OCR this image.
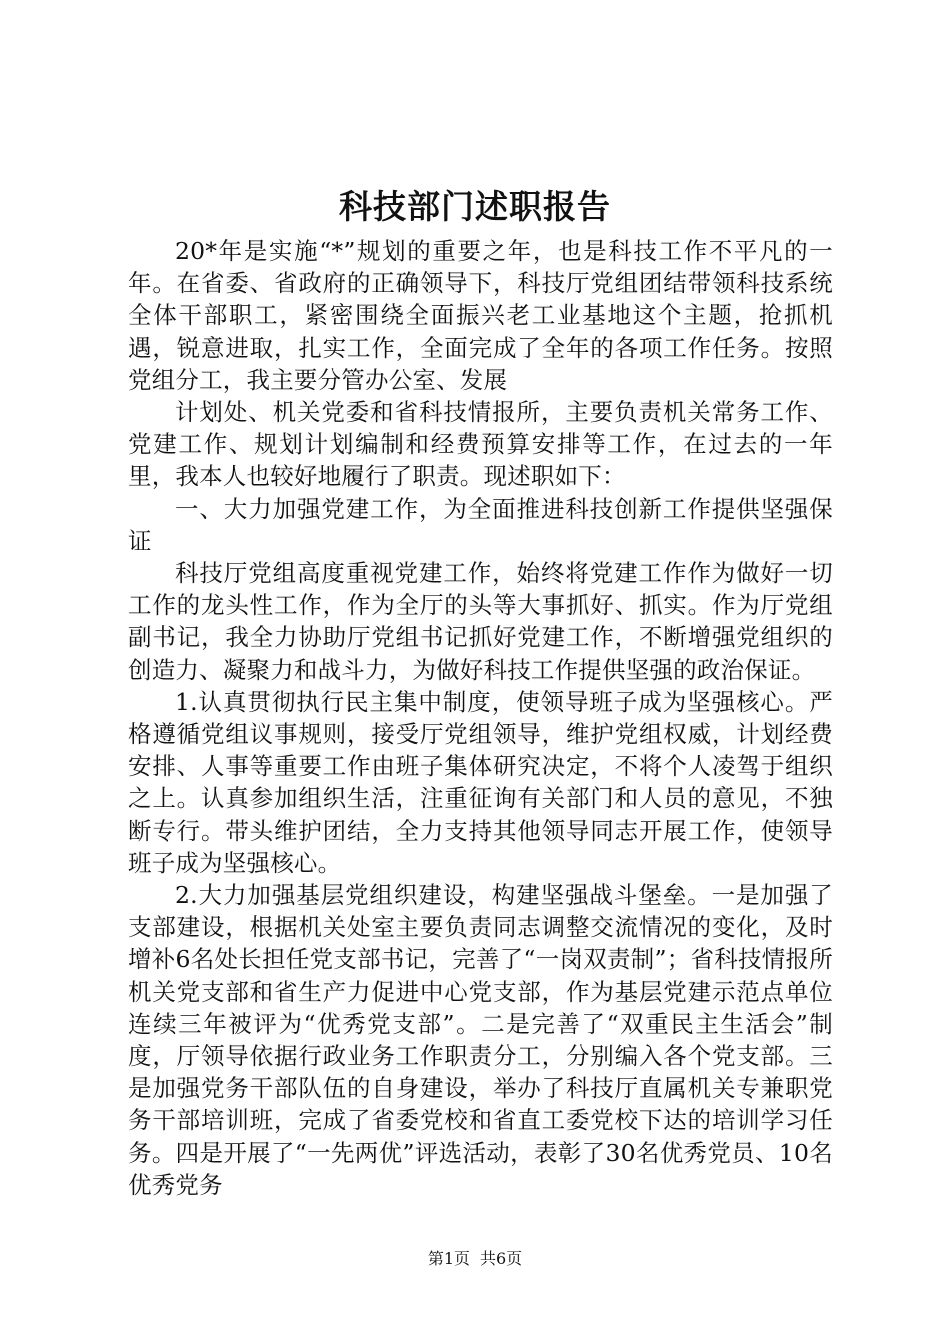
科技部门述职报告

20*年是实施“*”规划的重要之年，也是科技工作不平凡的一年。在省委、省政府的正确领导下，科技厅党组团结带领科技系统全体干部职工，紧密围绕全面振兴老工业基地这个主题，抢抓机遇，锐意进取，扎实工作，全面完成了全年的各项工作任务。按照党组分工，我主要分管办公室、发展

计划处、机关党委和省科技情报所，主要负责机关常务工作、党建工作、规划计划编制和经费预算安排等工作，在过去的一年里，我本人也较好地履行了职责。现述职如下：

一、大力加强党建工作，为全面推进科技创新工作提供坚强保证

科技厅党组高度重视党建工作，始终将党建工作作为做好一切工作的龙头性工作，作为全厅的头等大事抓好、抓实。作为厅党组副书记，我全力协助厅党组书记抓好党建工作，不断增强党组织的创造力、凝聚力和战斗力，为做好科技工作提供坚强的政治保证。

1.认真贯彻执行民主集中制度，使领导班子成为坚强核心。严格遵循党组议事规则，接受厅党组领导，维护党组权威，计划经费安排、人事等重要工作由班子集体研究决定，不将个人凌驾于组织之上。认真参加组织生活，注重征询有关部门和人员的意见，不独断专行。带头维护团结，全力支持其他领导同志开展工作，使领导班子成为坚强核心。

2.大力加强基层党组织建设，构建坚强战斗堡垒。一是加强了支部建设，根据机关处室主要负责同志调整交流情况的变化，及时增补6名处长担任党支部书记，完善了“一岗双责制”；省科技情报所机关党支部和省生产力促进中心党支部，作为基层党建示范点单位连续三年被评为“优秀党支部”。二是完善了“双重民主生活会”制度，厅领导依据行政业务工作职责分工，分别编入各个党支部。三是加强党务干部队伍的自身建设，举办了科技厅直属机关专兼职党务干部培训班，完成了省委党校和省直工委党校下达的培训学习任务。四是开展了“一先两优”评选活动，表彰了30名优秀党员、10名优秀党务

第1页 共6页
